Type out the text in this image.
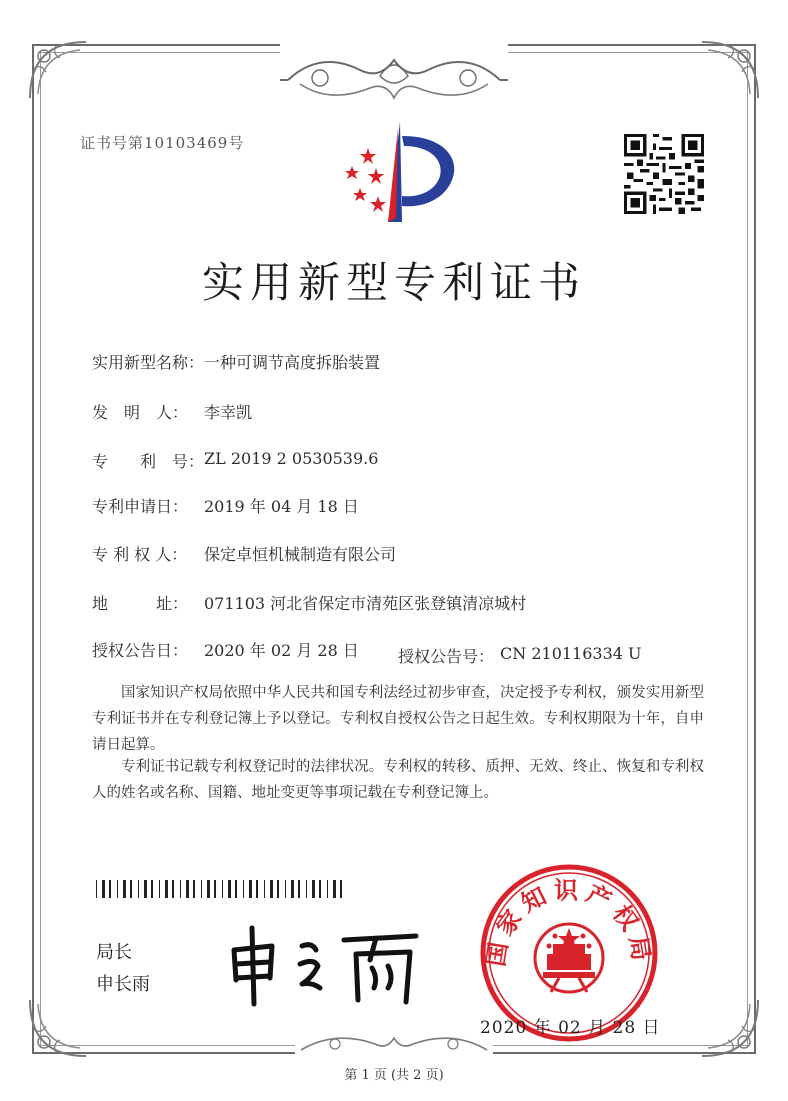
证书号第10103469号
实用新型专利证书
实用新型名称： 一种可调节高度拆胎装置
发　明　人： 李幸凯
专　　利　号： ZL 2019 2 0530539.6
专利申请日： 2019 年 04 月 18 日
专 利 权 人： 保定卓恒机械制造有限公司
地　　　址： 071103 河北省保定市清苑区张登镇清凉城村
授权公告日： 2020 年 02 月 28 日 授权公告号： CN 210116334 U
国家知识产权局依照中华人民共和国专利法经过初步审查，决定授予专利权，颁发实用新型专利证书并在专利登记簿上予以登记。专利权自授权公告之日起生效。专利权期限为十年，自申请日起算。
专利证书记载专利权登记时的法律状况。专利权的转移、质押、无效、终止、恢复和专利权人的姓名或名称、国籍、地址变更等事项记载在专利登记簿上。
局长
申长雨
国家知识产权局
2020 年 02 月 28 日
第 1 页 (共 2 页)
